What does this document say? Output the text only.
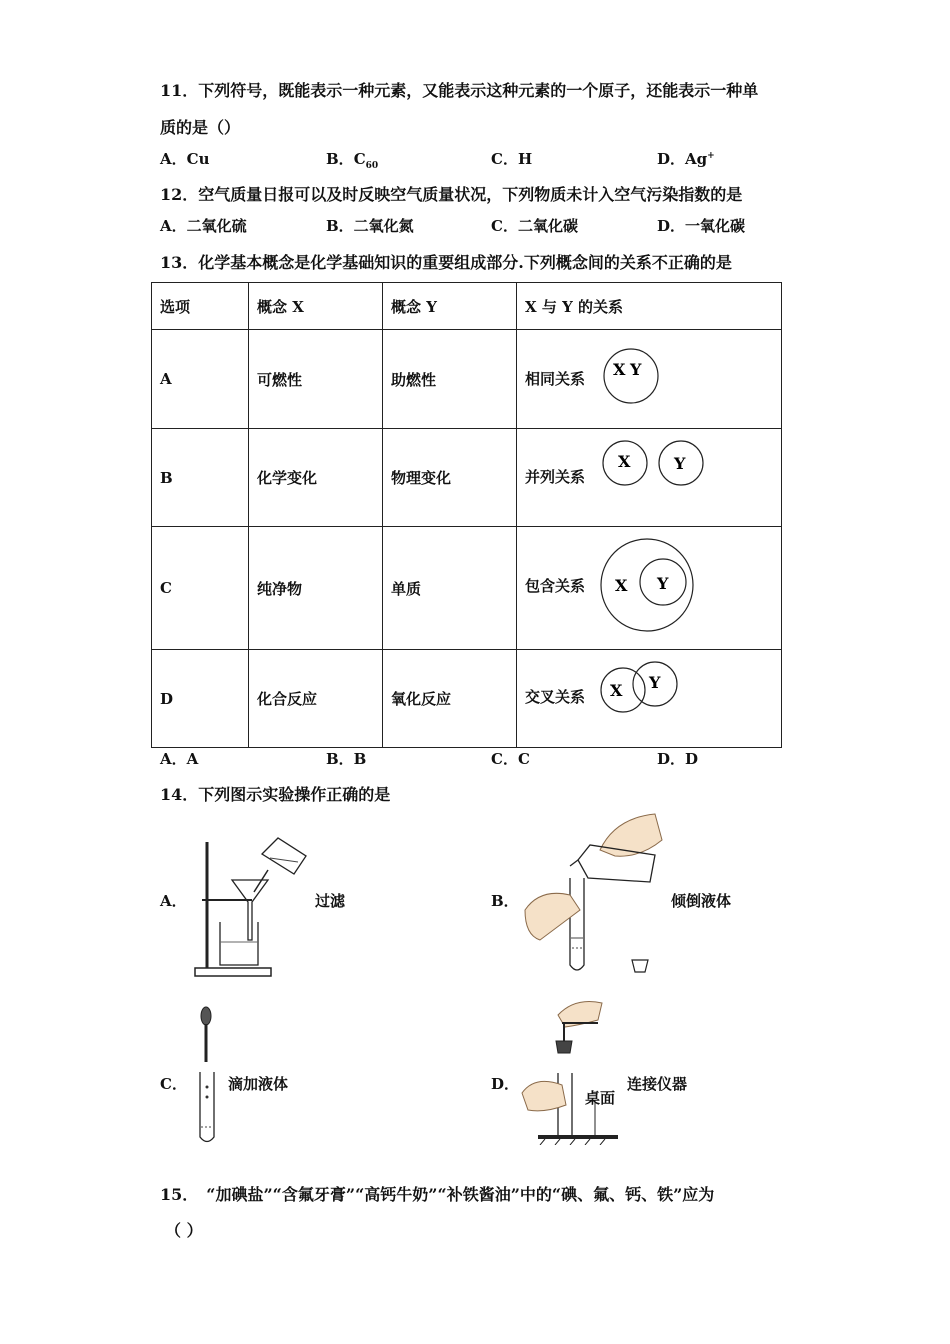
11．下列符号，既能表示一种元素，又能表示这种元素的一个原子，还能表示一种单
质的是（）
A．Cu	B．$C_{60}$	C．H	D．Ag+
12．空气质量日报可以及时反映空气质量状况，下列物质未计入空气污染指数的是
A．二氧化硫	B．二氧化氮	C．二氧化碳	D．一氧化碳
13．化学基本概念是化学基础知识的重要组成部分.下列概念间的关系不正确的是
选项	概念 X	概念 Y	X 与 Y 的关系
A	可燃性	助燃性	相同关系 X Y

B	化学变化	物理变化	并列关系
X Y

C	纯净物	单质	包含关系 X Y

D	化合反应	氧化反应	交叉关系 X Y
A．A	B．B	C．C	D．D
14．下列图示实验操作正确的是
A．	过滤	B．	倾倒液体
C．	滴加液体	D．
桌面
连接仪器
15．　“加碘盐”“含氟牙膏”“高钙牛奶”“补铁酱油”中的“碘、氟、钙、铁”应为
（ ）
